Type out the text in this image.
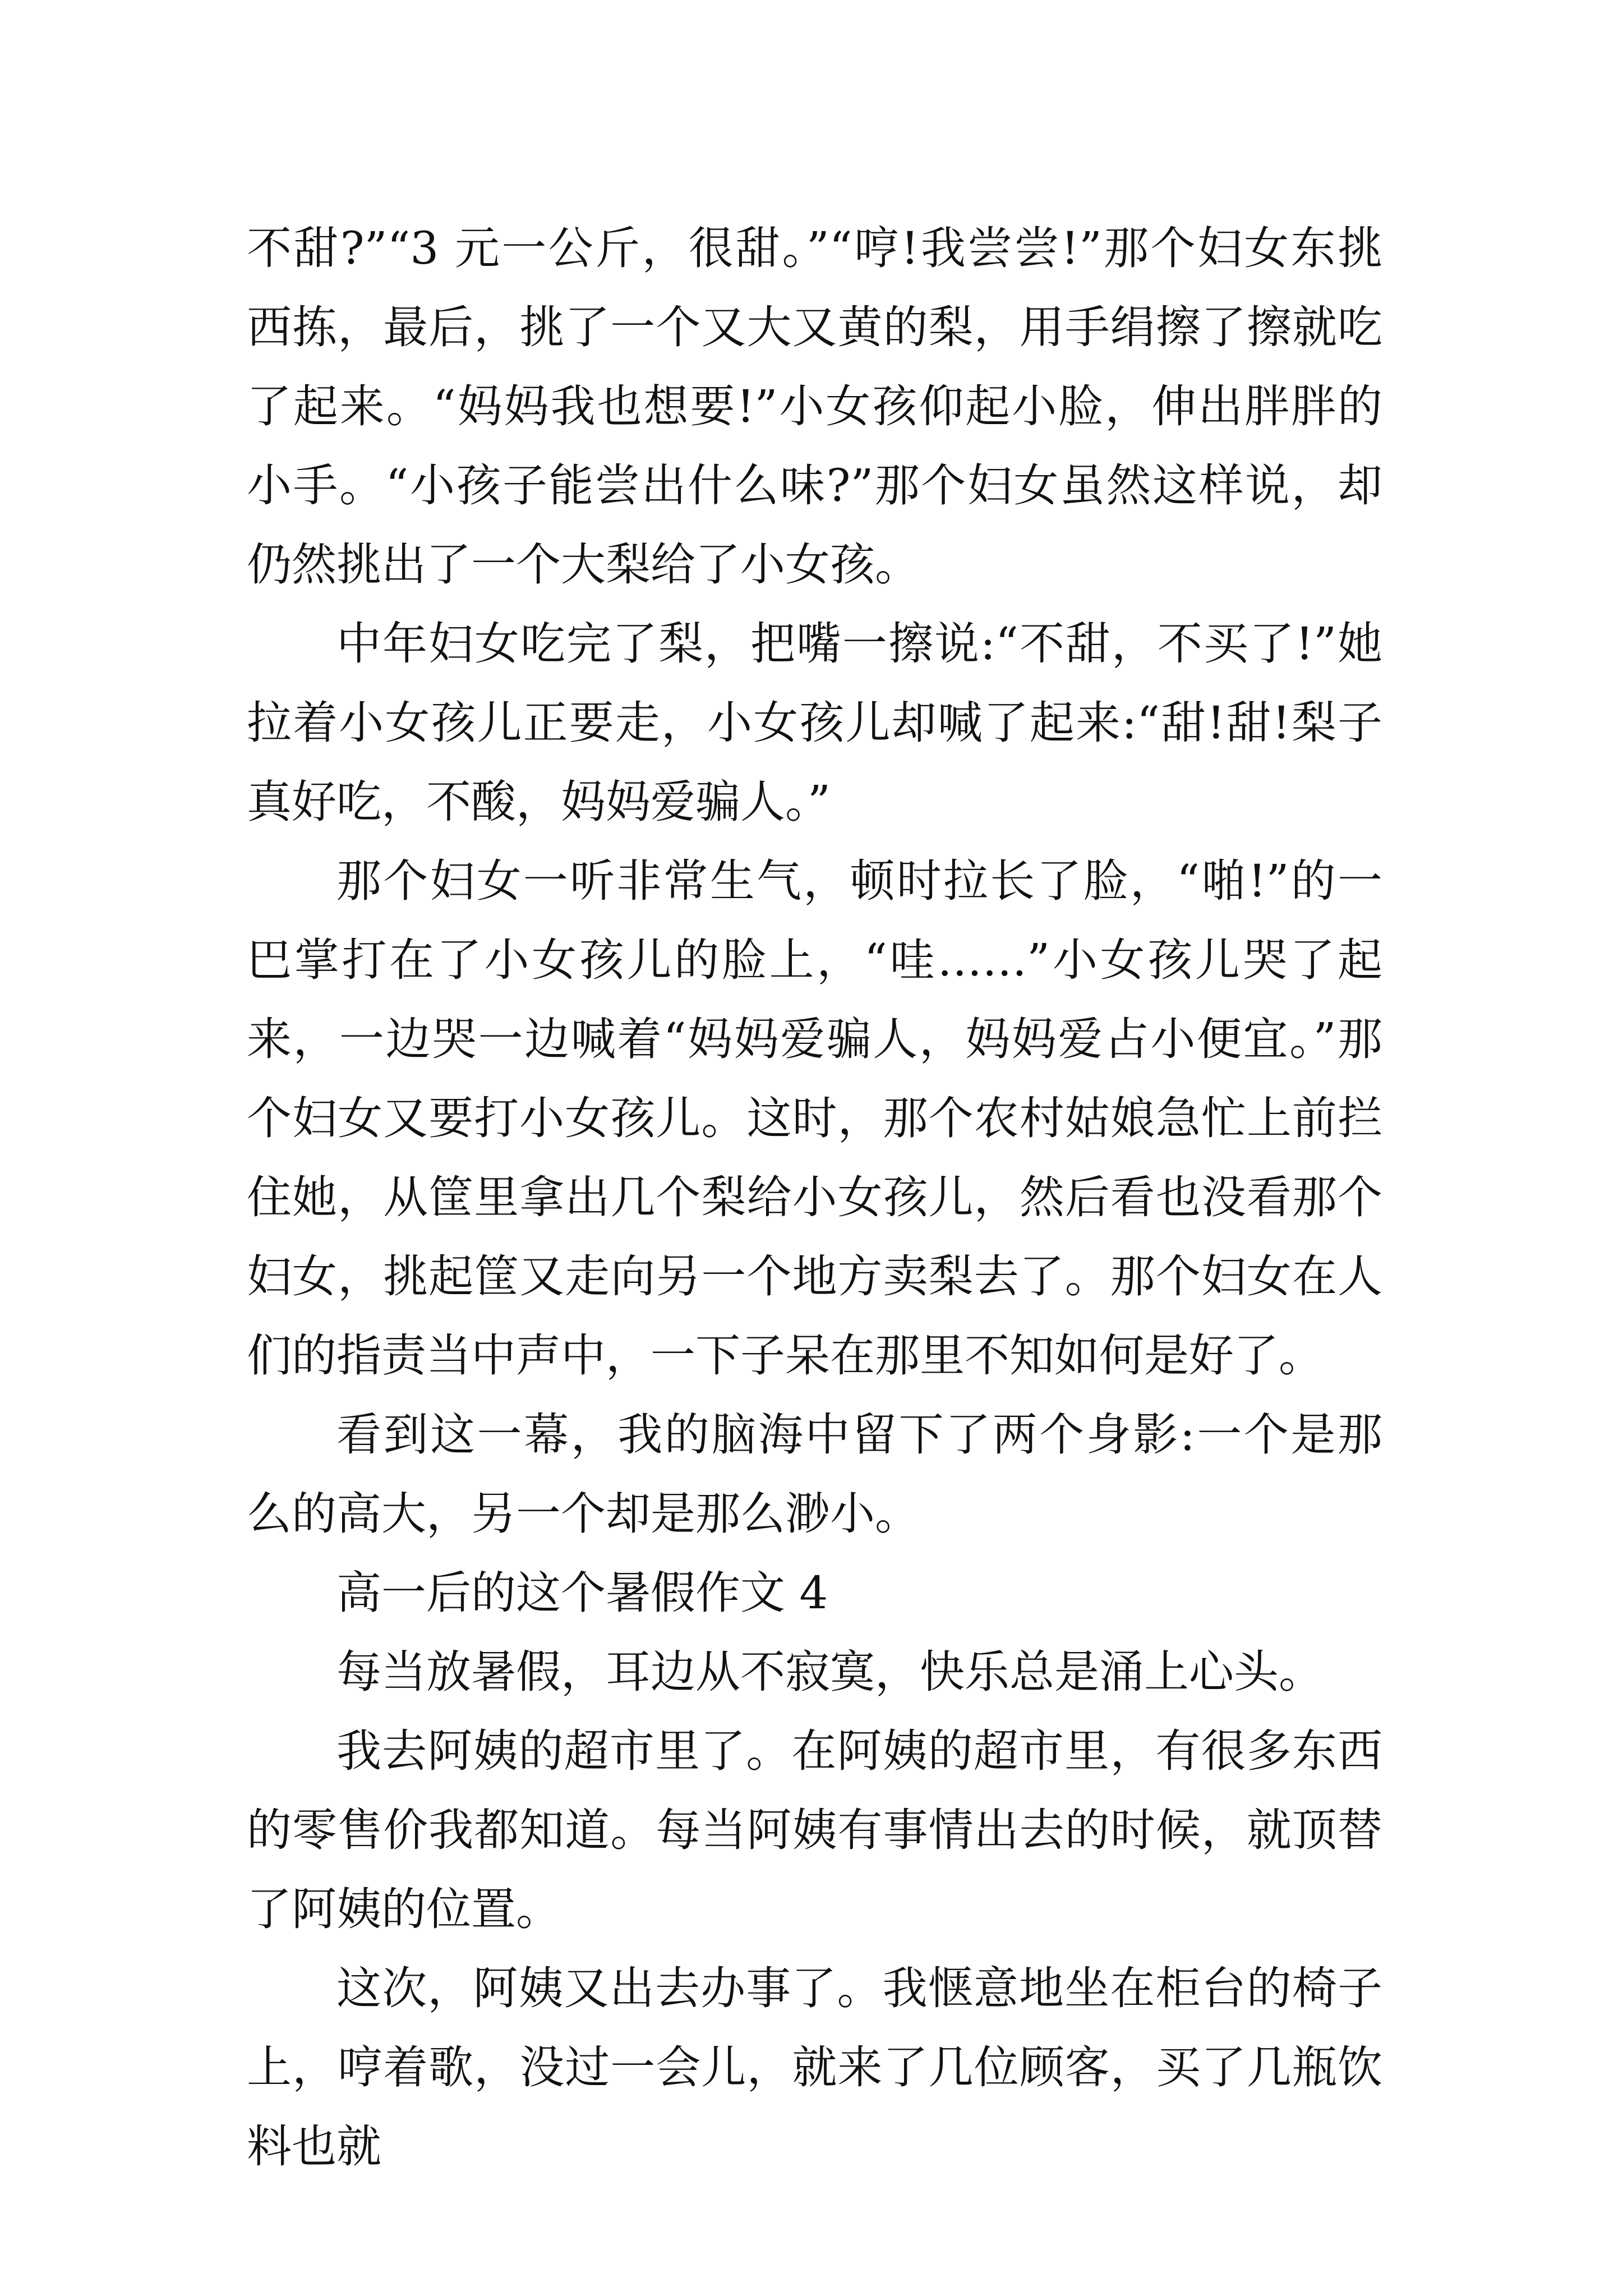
不甜?”“3 元一公斤，很甜。”“哼!我尝尝!”那个妇女东挑西拣，最后，挑了一个又大又黄的梨，用手绢擦了擦就吃了起来。“妈妈我也想要!”小女孩仰起小脸，伸出胖胖的小手。“小孩子能尝出什么味?”那个妇女虽然这样说，却仍然挑出了一个大梨给了小女孩。

中年妇女吃完了梨，把嘴一擦说:“不甜，不买了!”她拉着小女孩儿正要走，小女孩儿却喊了起来:“甜!甜!梨子真好吃，不酸，妈妈爱骗人。”

那个妇女一听非常生气，顿时拉长了脸，“啪!”的一巴掌打在了小女孩儿的脸上，“哇……”小女孩儿哭了起来，一边哭一边喊着“妈妈爱骗人，妈妈爱占小便宜。”那个妇女又要打小女孩儿。这时，那个农村姑娘急忙上前拦住她，从筐里拿出几个梨给小女孩儿，然后看也没看那个妇女，挑起筐又走向另一个地方卖梨去了。那个妇女在人们的指责当中声中，一下子呆在那里不知如何是好了。

看到这一幕，我的脑海中留下了两个身影:一个是那么的高大，另一个却是那么渺小。

高一后的这个暑假作文 4

每当放暑假，耳边从不寂寞，快乐总是涌上心头。

我去阿姨的超市里了。在阿姨的超市里，有很多东西的零售价我都知道。每当阿姨有事情出去的时候，就顶替了阿姨的位置。

这次，阿姨又出去办事了。我惬意地坐在柜台的椅子上，哼着歌，没过一会儿，就来了几位顾客，买了几瓶饮料也就
